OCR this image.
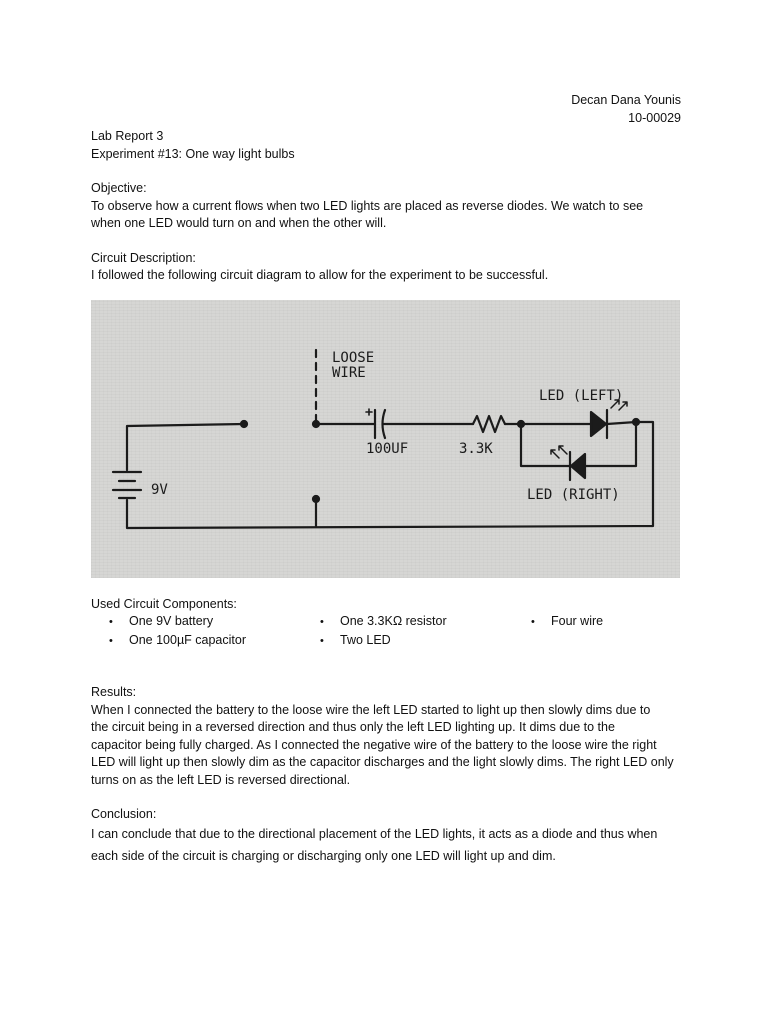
Decan Dana Younis
10-00029
Lab Report 3
Experiment #13: One way light bulbs
Objective:
To observe how a current flows when two LED lights are placed as reverse diodes. We watch to see
when one LED would turn on and when the other will.
Circuit Description:
I followed the following circuit diagram to allow for the experiment to be successful.
LOOSE
WIRE
100UF	3.3K
9V
LED (LEFT)
LED (RIGHT)
Used Circuit Components:
• One 9V battery
• One 100µF capacitor
• One 3.3KΩ resistor
• Two LED
• Four wire
Results:
When I connected the battery to the loose wire the left LED started to light up then slowly dims due to
the circuit being in a reversed direction and thus only the left LED lighting up. It dims due to the
capacitor being fully charged. As I connected the negative wire of the battery to the loose wire the right
LED will light up then slowly dim as the capacitor discharges and the light slowly dims. The right LED only
turns on as the left LED is reversed directional.
Conclusion:
I can conclude that due to the directional placement of the LED lights, it acts as a diode and thus when
each side of the circuit is charging or discharging only one LED will light up and dim.
